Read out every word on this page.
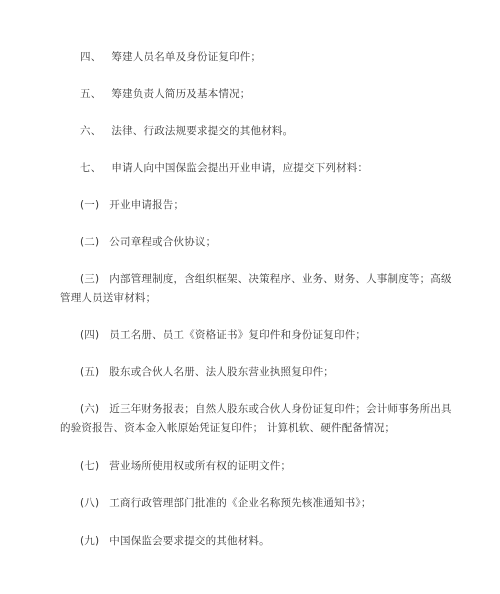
四、 筹建人员名单及身份证复印件；

五、 筹建负责人简历及基本情况；

六、 法律、行政法规要求提交的其他材料。

七、 申请人向中国保监会提出开业申请，应提交下列材料：

(一) 开业申请报告；

(二) 公司章程或合伙协议；

(三) 内部管理制度，含组织框架、决策程序、业务、财务、人事制度等；高级管理人员送审材料；

(四) 员工名册、员工《资格证书》复印件和身份证复印件；

(五) 股东或合伙人名册、法人股东营业执照复印件；

(六) 近三年财务报表；自然人股东或合伙人身份证复印件；会计师事务所出具的验资报告、资本金入帐原始凭证复印件； 计算机软、硬件配备情况；

(七) 营业场所使用权或所有权的证明文件；

(八) 工商行政管理部门批准的《企业名称预先核准通知书》；

(九) 中国保监会要求提交的其他材料。
